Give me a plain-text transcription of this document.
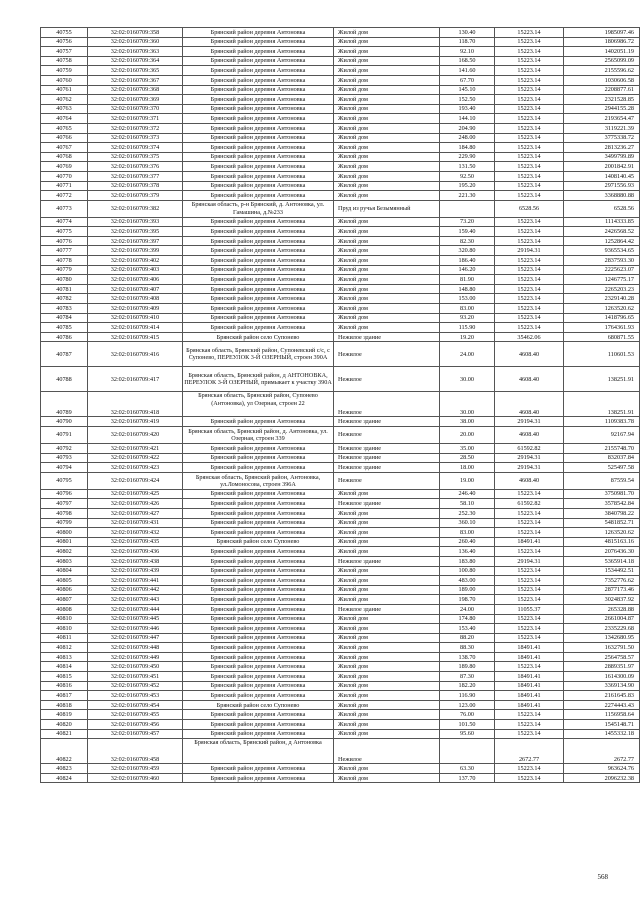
40755	32:02:0160709:358	Брянский район деревня Антоновка	Жилой дом	130.40	15223.14	1985097.46
40756	32:02:0160709:360	Брянский район деревня Антоновка	Жилой дом	118.70	15223.14	1806986.72
40757	32:02:0160709:363	Брянский район деревня Антоновка	Жилой дом	92.10	15223.14	1402051.19
40758	32:02:0160709:364	Брянский район деревня Антоновка	Жилой дом	168.50	15223.14	2565099.09
40759	32:02:0160709:365	Брянский район деревня Антоновка	Жилой дом	141.60	15223.14	2155596.62
40760	32:02:0160709:367	Брянский район деревня Антоновка	Жилой дом	67.70	15223.14	1030606.58
40761	32:02:0160709:368	Брянский район деревня Антоновка	Жилой дом	145.10	15223.14	2208877.61
40762	32:02:0160709:369	Брянский район деревня Антоновка	Жилой дом	152.50	15223.14	2321528.85
40763	32:02:0160709:370	Брянский район деревня Антоновка	Жилой дом	193.40	15223.14	2944155.28
40764	32:02:0160709:371	Брянский район деревня Антоновка	Жилой дом	144.10	15223.14	2193654.47
40765	32:02:0160709:372	Брянский район деревня Антоновка	Жилой дом	204.90	15223.14	3119221.39
40766	32:02:0160709:373	Брянский район деревня Антоновка	Жилой дом	248.00	15223.14	3775338.72
40767	32:02:0160709:374	Брянский район деревня Антоновка	Жилой дом	184.80	15223.14	2813236.27
40768	32:02:0160709:375	Брянский район деревня Антоновка	Жилой дом	229.90	15223.14	3499799.89
40769	32:02:0160709:376	Брянский район деревня Антоновка	Жилой дом	131.50	15223.14	2001842.91
40770	32:02:0160709:377	Брянский район деревня Антоновка	Жилой дом	92.50	15223.14	1408140.45
40771	32:02:0160709:378	Брянский район деревня Антоновка	Жилой дом	195.20	15223.14	2971556.93
40772	32:02:0160709:379	Брянский район деревня Антоновка	Жилой дом	221.30	15223.14	3368880.88
40773	32:02:0160709:382	Брянская область, р-н Брянский, д. Антоновка, ул. Гамашина, д.№233	Пруд из ручья Безымянный		6528.56	6528.56
40774	32:02:0160709:393	Брянский район деревня Антоновка	Жилой дом	73.20	15223.14	1114333.85
40775	32:02:0160709:395	Брянский район деревня Антоновка	Жилой дом	159.40	15223.14	2426568.52
40776	32:02:0160709:397	Брянский район деревня Антоновка	Жилой дом	82.30	15223.14	1252864.42
40777	32:02:0160709:399	Брянский район деревня Антоновка	Жилой дом	320.80	29194.31	9365534.65
40778	32:02:0160709:402	Брянский район деревня Антоновка	Жилой дом	186.40	15223.14	2837593.30
40779	32:02:0160709:403	Брянский район деревня Антоновка	Жилой дом	146.20	15223.14	2225623.07
40780	32:02:0160709:406	Брянский район деревня Антоновка	Жилой дом	81.90	15223.14	1246775.17
40781	32:02:0160709:407	Брянский район деревня Антоновка	Жилой дом	148.80	15223.14	2265203.23
40782	32:02:0160709:408	Брянский район деревня Антоновка	Жилой дом	153.00	15223.14	2329140.28
40783	32:02:0160709:409	Брянский район деревня Антоновка	Жилой дом	83.00	15223.14	1263520.62
40784	32:02:0160709:410	Брянский район деревня Антоновка	Жилой дом	93.20	15223.14	1418796.65
40785	32:02:0160709:414	Брянский район деревня Антоновка	Жилой дом	115.90	15223.14	1764361.93
40786	32:02:0160709:415	Брянский район село Супонево	Нежилое здание	19.20	35462.06	680871.55
40787	32:02:0160709:416	Брянская область, Брянский район, Супоневский с/с, с Супонево, ПЕРЕУЛОК 3-Й ОЗЕРНЫЙ, строен 390А	Нежилое	24.00	4608.40	110601.53
40788	32:02:0160709:417	Брянская область, Брянский район, д АНТОНОВКА, ПЕРЕУЛОК 3-Й ОЗЕРНЫЙ, примыкает к участку 390А	Нежилое	30.00	4608.40	138251.91
40789	32:02:0160709:418	Брянская область, Брянский район, Супонево (Антоновка), ул Озерная, строен 22	Нежилое	30.00	4608.40	138251.91
40790	32:02:0160709:419	Брянский район деревня Антоновка	Нежилое здание	38.00	29194.31	1109383.78
40791	32:02:0160709:420	Брянская область, Брянский район, д. Антоновка, ул. Озерная, строен 339	Нежилое	20.00	4608.40	92167.94
40792	32:02:0160709:421	Брянский район деревня Антоновка	Нежилое здание	35.00	61592.82	2155748.70
40793	32:02:0160709:422	Брянский район деревня Антоновка	Нежилое здание	28.50	29194.31	832037.84
40794	32:02:0160709:423	Брянский район деревня Антоновка	Нежилое здание	18.00	29194.31	525497.58
40795	32:02:0160709:424	Брянская область, Брянский район, Антоновка, ул.Ломоносова, строен 396А	Нежилое	19.00	4608.40	87559.54
40796	32:02:0160709:425	Брянский район деревня Антоновка	Жилой дом	246.40	15223.14	3750981.70
40797	32:02:0160709:426	Брянский район деревня Антоновка	Нежилое здание	58.10	61592.82	3578542.84
40798	32:02:0160709:427	Брянский район деревня Антоновка	Жилой дом	252.30	15223.14	3840798.22
40799	32:02:0160709:431	Брянский район деревня Антоновка	Жилой дом	360.10	15223.14	5481852.71
40800	32:02:0160709:432	Брянский район деревня Антоновка	Жилой дом	83.00	15223.14	1263520.62
40801	32:02:0160709:435	Брянский район село Супонево	Жилой дом	260.40	18491.41	4815163.16
40802	32:02:0160709:436	Брянский район деревня Антоновка	Жилой дом	136.40	15223.14	2076436.30
40803	32:02:0160709:438	Брянский район деревня Антоновка	Нежилое здание	183.80	29194.31	5365914.18
40804	32:02:0160709:439	Брянский район деревня Антоновка	Жилой дом	100.80	15223.14	1534492.51
40805	32:02:0160709:441	Брянский район деревня Антоновка	Жилой дом	483.00	15223.14	7352776.62
40806	32:02:0160709:442	Брянский район деревня Антоновка	Жилой дом	189.00	15223.14	2877173.46
40807	32:02:0160709:443	Брянский район деревня Антоновка	Жилой дом	198.70	15223.14	3024837.92
40808	32:02:0160709:444	Брянский район деревня Антоновка	Нежилое здание	24.00	11055.37	265328.88
40810	32:02:0160709:445	Брянский район деревня Антоновка	Жилой дом	174.80	15223.14	2661004.87
40810	32:02:0160709:446	Брянский район деревня Антоновка	Жилой дом	153.40	15223.14	2335229.68
40811	32:02:0160709:447	Брянский район деревня Антоновка	Жилой дом	88.20	15223.14	1342680.95
40812	32:02:0160709:448	Брянский район деревня Антоновка	Жилой дом	88.30	18491.41	1632791.50
40813	32:02:0160709:449	Брянский район деревня Антоновка	Жилой дом	138.70	18491.41	2564758.57
40814	32:02:0160709:450	Брянский район деревня Антоновка	Жилой дом	189.80	15223.14	2889351.97
40815	32:02:0160709:451	Брянский район деревня Антоновка	Жилой дом	87.30	18491.41	1614300.09
40816	32:02:0160709:452	Брянский район деревня Антоновка	Жилой дом	182.20	18491.41	3369134.90
40817	32:02:0160709:453	Брянский район деревня Антоновка	Жилой дом	116.90	18491.41	2161645.83
40818	32:02:0160709:454	Брянский район село Супонево	Жилой дом	123.00	18491.41	2274443.43
40819	32:02:0160709:455	Брянский район деревня Антоновка	Жилой дом	76.00	15223.14	1156958.64
40820	32:02:0160709:456	Брянский район деревня Антоновка	Жилой дом	101.50	15223.14	1545148.71
40821	32:02:0160709:457	Брянский район деревня Антоновка	Жилой дом	95.60	15223.14	1455332.18
40822	32:02:0160709:458	Брянская область, Брянский район, д Антоновка	Нежилое		2672.77	2672.77
40823	32:02:0160709:459	Брянский район деревня Антоновка	Жилой дом	63.30	15223.14	963624.76
40824	32:02:0160709:460	Брянский район деревня Антоновка	Жилой дом	137.70	15223.14	2096232.38
568
